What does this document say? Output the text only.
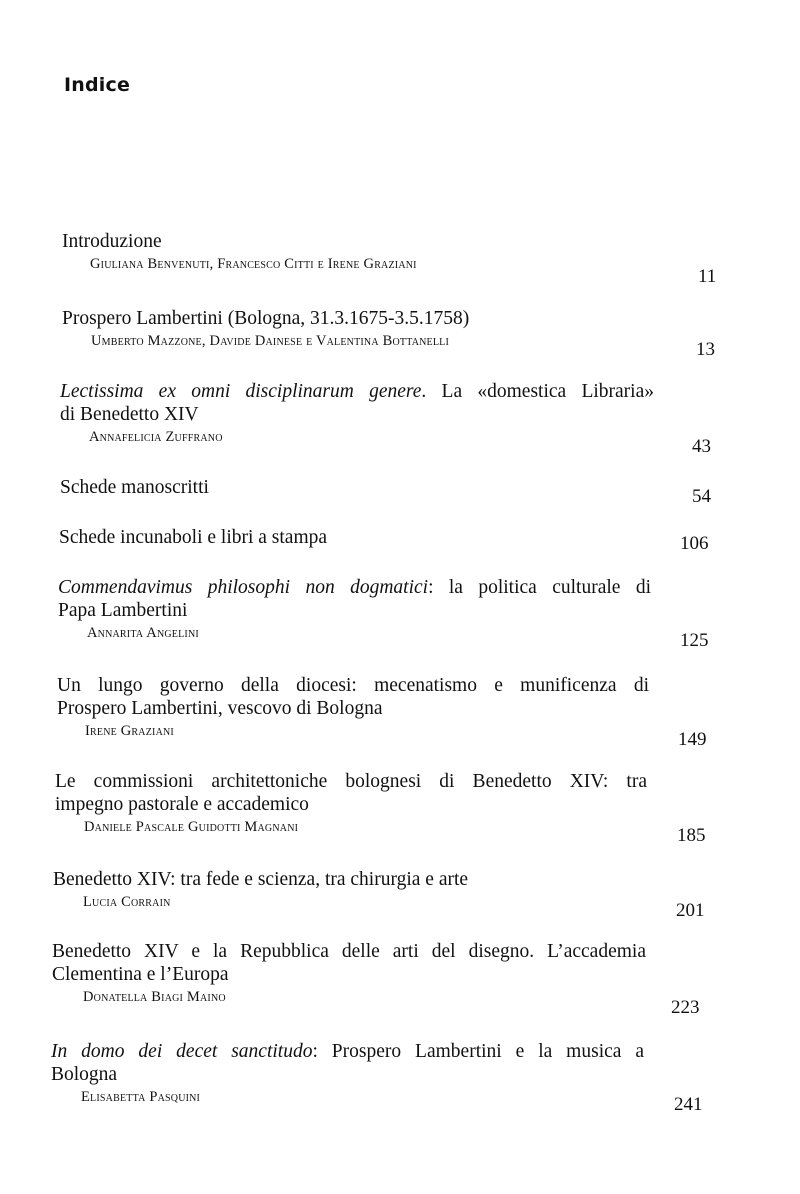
Indice
Introduzione
Giuliana Benvenuti, Francesco Citti e Irene Graziani
11
Prospero Lambertini (Bologna, 31.3.1675-3.5.1758)
Umberto Mazzone, Davide Dainese e Valentina Bottanelli	13
Lectissima ex omni disciplinarum genere. La «domestica Libraria»
di Benedetto XIV
Annafelicia Zuffrano	43
Schede manoscritti	54
Schede incunaboli e libri a stampa	106
Commendavimus philosophi non dogmatici: la politica culturale di
Papa Lambertini
Annarita Angelini	125
Un lungo governo della diocesi: mecenatismo e munificenza di
Prospero Lambertini, vescovo di Bologna
Irene Graziani	149
Le commissioni architettoniche bolognesi di Benedetto XIV: tra
impegno pastorale e accademico
Daniele Pascale Guidotti Magnani	185
Benedetto XIV: tra fede e scienza, tra chirurgia e arte
Lucia Corrain	201
Benedetto XIV e la Repubblica delle arti del disegno. L’accademia
Clementina e l’Europa
Donatella Biagi Maino	223
In domo dei decet sanctitudo: Prospero Lambertini e la musica a
Bologna
Elisabetta Pasquini	241
